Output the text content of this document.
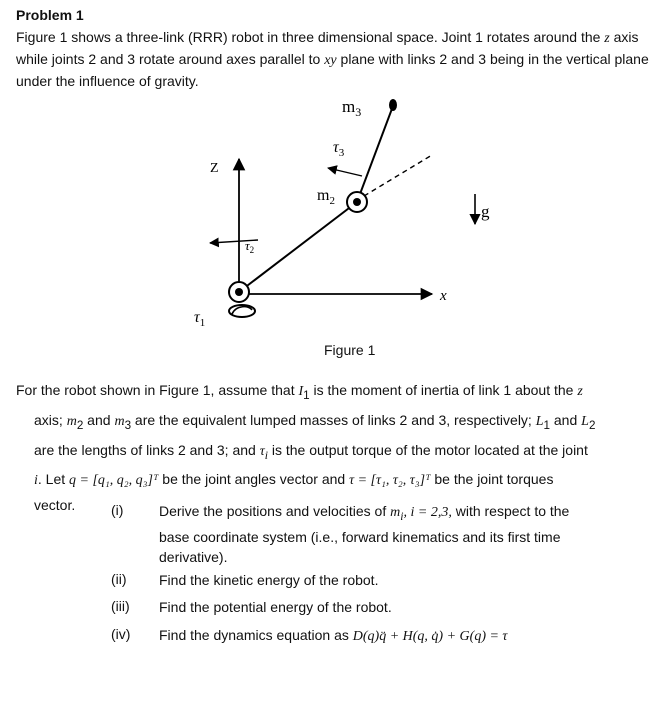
Problem 1
Figure 1 shows a three-link (RRR) robot in three dimensional space. Joint 1 rotates around the z axis while joints 2 and 3 rotate around axes parallel to xy plane with links 2 and 3 being in the vertical plane under the influence of gravity.
$m_3$
$\tau_3$
Z
$m_2$
g
$\tau_2$
x
$\tau_1$
Figure 1
For the robot shown in Figure 1, assume that $I_1$ is the moment of inertia of link 1 about the z
axis; $m_2$ and $m_3$ are the equivalent lumped masses of links 2 and 3, respectively; $L_1$ and $L_2$
are the lengths of links 2 and 3; and $\tau_i$ is the output torque of the motor located at the joint
i. Let q = [q₁, q₂, q₃]ᵀ be the joint angles vector and τ = [τ₁, τ₂, τ₃]ᵀ be the joint torques
vector.	(i)	Derive the positions and velocities of $m_i$, i = 2,3, with respect to the
base coordinate system (i.e., forward kinematics and its first time
derivative).
(ii) Find the kinetic energy of the robot.
(iii) Find the potential energy of the robot.
(iv) Find the dynamics equation as D(q)q̈ + H(q, q̇) + G(q) = τ
